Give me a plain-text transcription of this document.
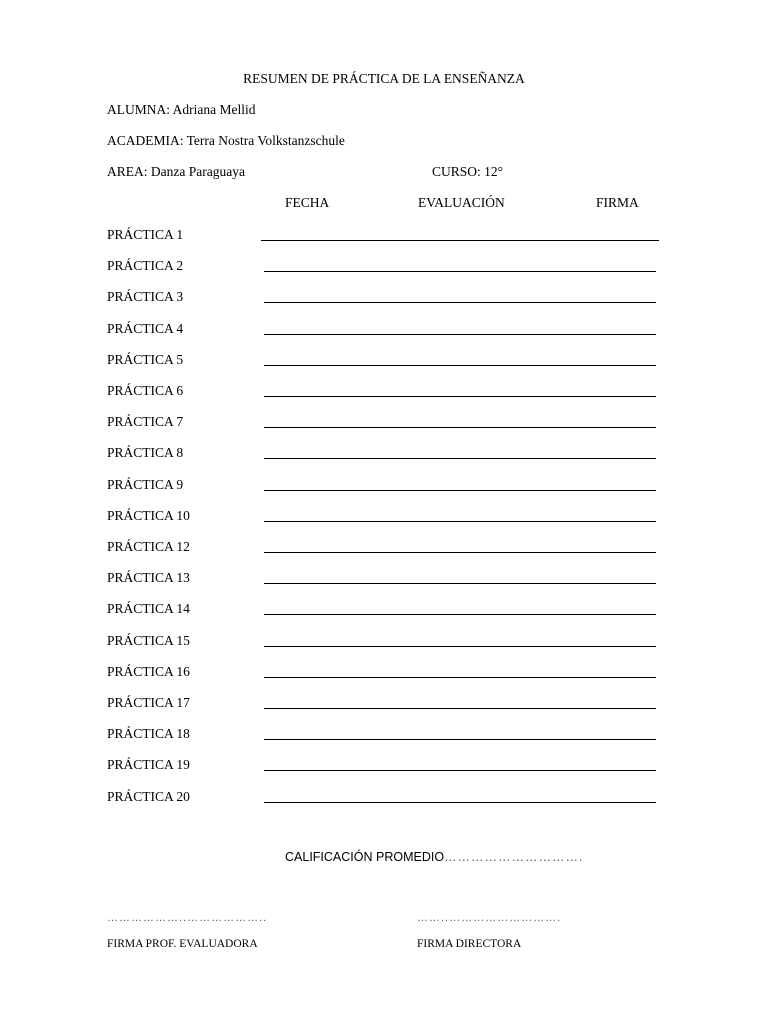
RESUMEN DE PRÁCTICA DE LA ENSEÑANZA
ALUMNA: Adriana Mellid
ACADEMIA: Terra Nostra Volkstanzschule
AREA: Danza Paraguaya	CURSO: 12°
FECHA	EVALUACIÓN	FIRMA
PRÁCTICA 1
PRÁCTICA 2
PRÁCTICA 3
PRÁCTICA 4
PRÁCTICA 5
PRÁCTICA 6
PRÁCTICA 7
PRÁCTICA 8
PRÁCTICA 9
PRÁCTICA 10
PRÁCTICA 12
PRÁCTICA 13
PRÁCTICA 14
PRÁCTICA 15
PRÁCTICA 16
PRÁCTICA 17
PRÁCTICA 18
PRÁCTICA 19
PRÁCTICA 20
CALIFICACIÓN PROMEDIO………………………….
………………..………………..	……..……………………….
FIRMA PROF. EVALUADORA	FIRMA DIRECTORA
